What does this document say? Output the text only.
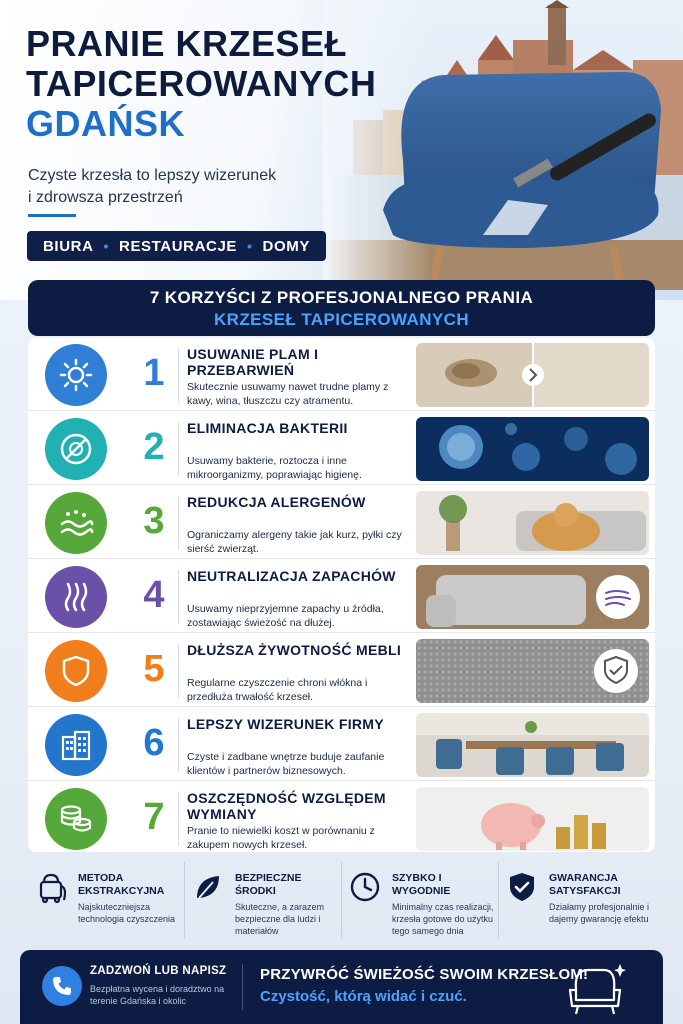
PRANIE KRZESEŁ
TAPICEROWANYCH
GDAŃSK
Czyste krzesła to lepszy wizerunek
i zdrowsza przestrzeń
BIURA • RESTAURACJE • DOMY
7 KORZYŚCI Z PROFESJONALNEGO PRANIA
KRZESEŁ TAPICEROWANYCH
1	USUWANIE PLAM I PRZEBARWIEŃ
Skutecznie usuwamy nawet trudne plamy z kawy, wina, tłuszczu czy atramentu.
2	ELIMINACJA BAKTERII
Usuwamy bakterie, roztocza i inne mikroorganizmy, poprawiając higienę.
3	REDUKCJA ALERGENÓW
Ograniczamy alergeny takie jak kurz, pyłki czy sierść zwierząt.
4	NEUTRALIZACJA ZAPACHÓW
Usuwamy nieprzyjemne zapachy u źródła, zostawiając świeżość na dłużej.
5	DŁUŻSZA ŻYWOTNOŚĆ MEBLI
Regularne czyszczenie chroni włókna i przedłuża trwałość krzeseł.
6	LEPSZY WIZERUNEK FIRMY
Czyste i zadbane wnętrze buduje zaufanie klientów i partnerów biznesowych.
7	OSZCZĘDNOŚĆ WZGLĘDEM WYMIANY
Pranie to niewielki koszt w porównaniu z zakupem nowych krzeseł.
METODA EKSTRAKCYJNA
Najskuteczniejsza technologia czyszczenia
BEZPIECZNE ŚRODKI
Skuteczne, a zarazem bezpieczne dla ludzi i materiałów
SZYBKO I WYGODNIE
Minimalny czas realizacji, krzesła gotowe do użytku tego samego dnia
GWARANCJA SATYSFAKCJI
Działamy profesjonalnie i dajemy gwarancję efektu
ZADZWOŃ LUB NAPISZ
Bezpłatna wycena i doradztwo na terenie Gdańska i okolic
PRZYWRÓĆ ŚWIEŻOŚĆ SWOIM KRZESŁOM!
Czystość, którą widać i czuć.
